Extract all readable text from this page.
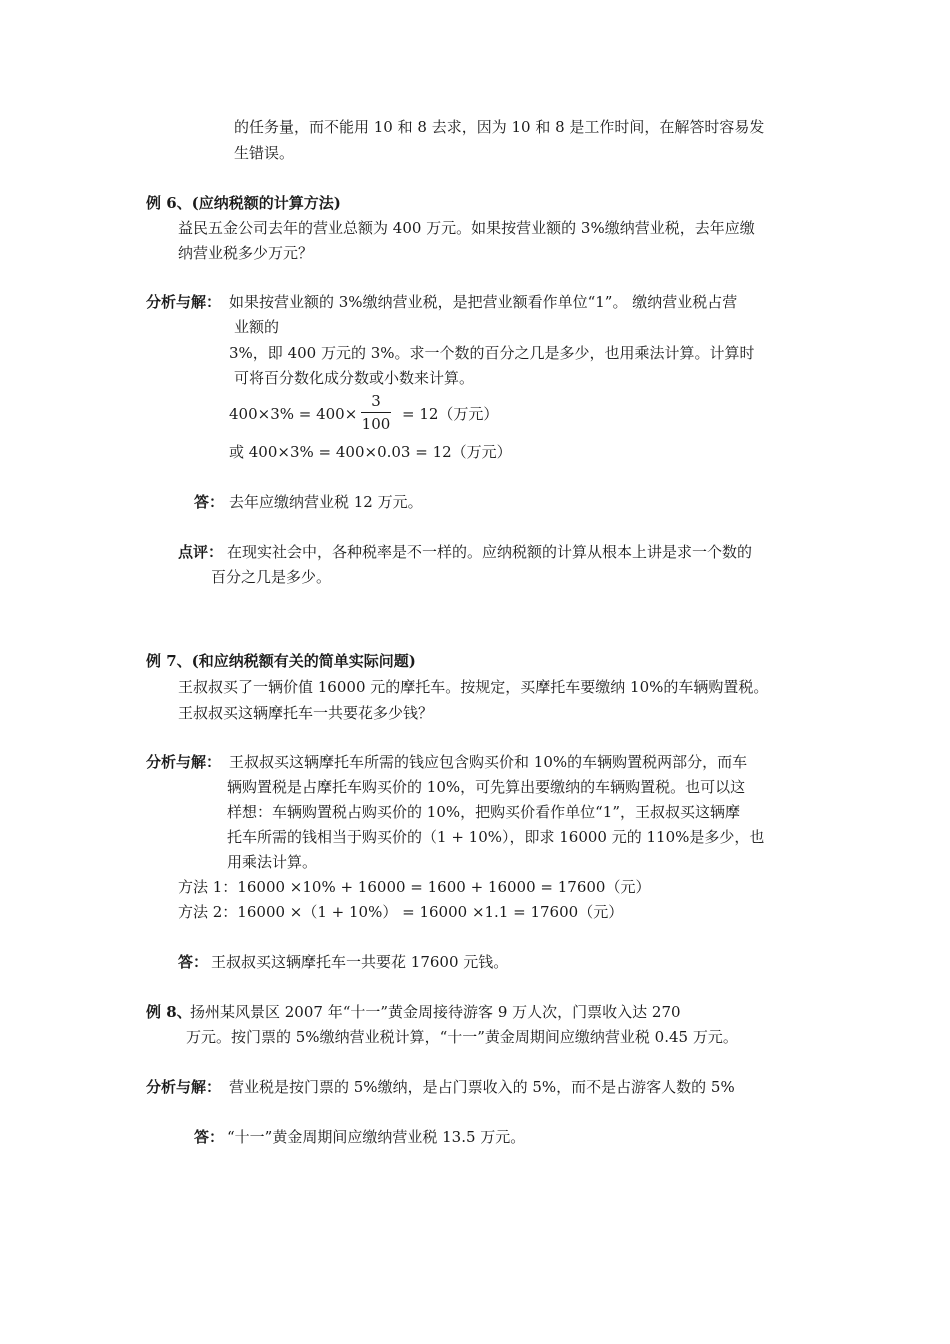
的任务量，而不能用 10 和 8 去求，因为 10 和 8 是工作时间，在解答时容易发
生错误。
例 6、(应纳税额的计算方法)
益民五金公司去年的营业总额为 400 万元。如果按营业额的 3%缴纳营业税，去年应缴
纳营业税多少万元？
分析与解： 如果按营业额的 3%缴纳营业税，是把营业额看作单位“1”。 缴纳营业税占营
业额的
3%，即 400 万元的 3%。求一个数的百分之几是多少，也用乘法计算。计算时
可将百分数化成分数或小数来计算。
400×3% = 400×
3
100
= 12（万元）
或 400×3% = 400×0.03 = 12（万元）
答： 去年应缴纳营业税 12 万元。
点评： 在现实社会中，各种税率是不一样的。应纳税额的计算从根本上讲是求一个数的
百分之几是多少。
例 7、(和应纳税额有关的简单实际问题)
王叔叔买了一辆价值 16000 元的摩托车。按规定，买摩托车要缴纳 10%的车辆购置税。
王叔叔买这辆摩托车一共要花多少钱？
分析与解： 王叔叔买这辆摩托车所需的钱应包含购买价和 10%的车辆购置税两部分，而车
辆购置税是占摩托车购买价的 10%，可先算出要缴纳的车辆购置税。也可以这
样想：车辆购置税占购买价的 10%，把购买价看作单位“1”，王叔叔买这辆摩
托车所需的钱相当于购买价的（1 + 10%），即求 16000 元的 110%是多少，也
用乘法计算。
方法 1：16000 ×10% + 16000 = 1600 + 16000 = 17600（元）
方法 2：16000 ×（1 + 10%） = 16000 ×1.1 = 17600（元）
答： 王叔叔买这辆摩托车一共要花 17600 元钱。
例 8、
扬州某风景区 2007 年“十一”黄金周接待游客 9 万人次，门票收入达 270
万元。按门票的 5%缴纳营业税计算，“十一”黄金周期间应缴纳营业税 0.45 万元。
分析与解： 营业税是按门票的 5%缴纳，是占门票收入的 5%，而不是占游客人数的 5%
答： “十一”黄金周期间应缴纳营业税 13.5 万元。
